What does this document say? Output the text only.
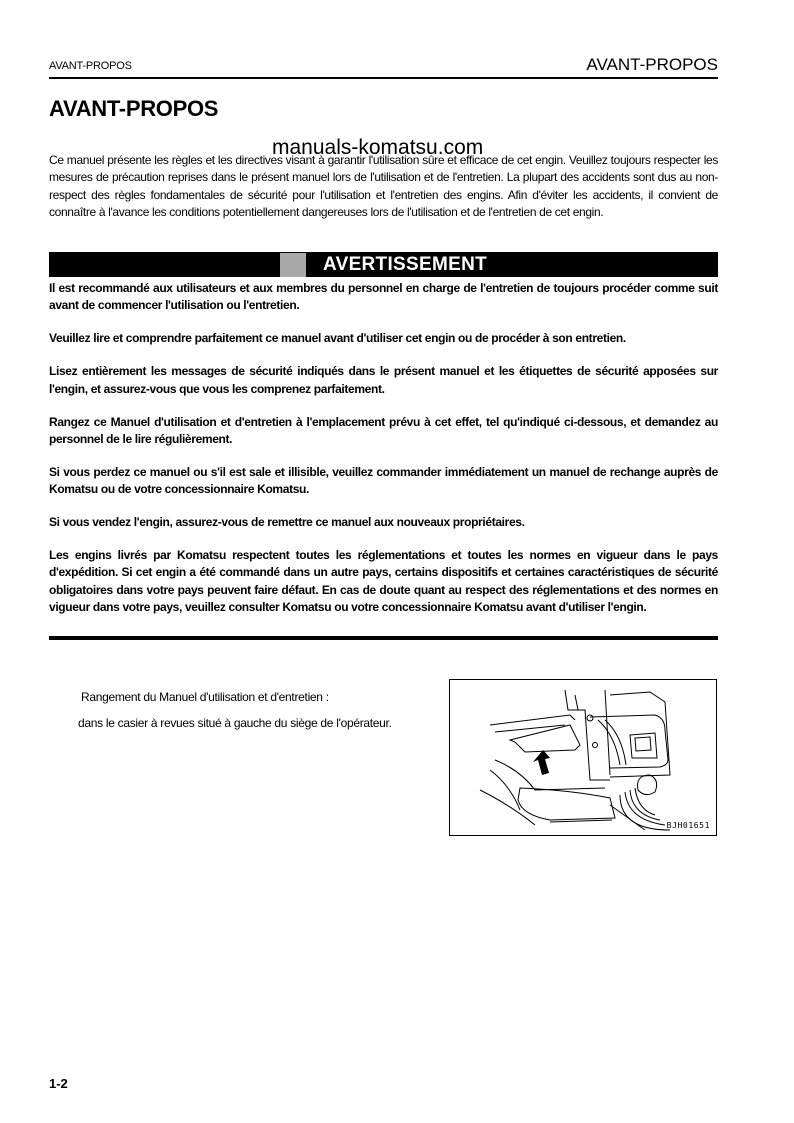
AVANT-PROPOS	AVANT-PROPOS
AVANT-PROPOS
manuals-komatsu.com
Ce manuel présente les règles et les directives visant à garantir l'utilisation sûre et efficace de cet engin. Veuillez toujours respecter les mesures de précaution reprises dans le présent manuel lors de l'utilisation et de l'entretien. La plupart des accidents sont dus au non-respect des règles fondamentales de sécurité pour l'utilisation et l'entretien des engins. Afin d'éviter les accidents, il convient de connaître à l'avance les conditions potentiellement dangereuses lors de l'utilisation et de l'entretien de cet engin.
AVERTISSEMENT

Il est recommandé aux utilisateurs et aux membres du personnel en charge de l'entretien de toujours procéder comme suit avant de commencer l'utilisation ou l'entretien.

Veuillez lire et comprendre parfaitement ce manuel avant d'utiliser cet engin ou de procéder à son entretien.

Lisez entièrement les messages de sécurité indiqués dans le présent manuel et les étiquettes de sécurité apposées sur l'engin, et assurez-vous que vous les comprenez parfaitement.

Rangez ce Manuel d'utilisation et d'entretien à l'emplacement prévu à cet effet, tel qu'indiqué ci-dessous, et demandez au personnel de le lire régulièrement.

Si vous perdez ce manuel ou s'il est sale et illisible, veuillez commander immédiatement un manuel de rechange auprès de Komatsu ou de votre concessionnaire Komatsu.

Si vous vendez l'engin, assurez-vous de remettre ce manuel aux nouveaux propriétaires.

Les engins livrés par Komatsu respectent toutes les réglementations et toutes les normes en vigueur dans le pays d'expédition. Si cet engin a été commandé dans un autre pays, certains dispositifs et certaines caractéristiques de sécurité obligatoires dans votre pays peuvent faire défaut. En cas de doute quant au respect des réglementations et des normes en vigueur dans votre pays, veuillez consulter Komatsu ou votre concessionnaire Komatsu avant d'utiliser l'engin.

Rangement du Manuel d'utilisation et d'entretien :
dans le casier à revues situé à gauche du siège de l'opérateur.
BJH01651
1-2
